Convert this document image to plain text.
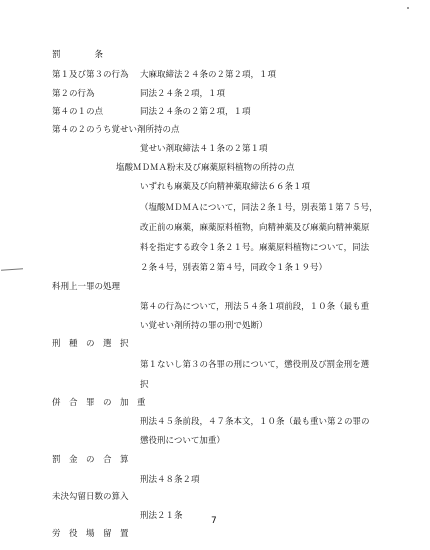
罰　　　　条
第１及び第３の行為 大麻取締法２４条の２第２項，１項
第２の行為	同法２４条２項，１項
第４の１の点	同法２４条の２第２項，１項
第４の２のうち覚せい剤所持の点
覚せい剤取締法４１条の２第１項
塩酸ＭＤＭＡ粉末及び麻薬原料植物の所持の点
いずれも麻薬及び向精神薬取締法６６条１項
（塩酸ＭＤＭＡについて，同法２条１号，別表第１第７５号，
改正前の麻薬，麻薬原料植物，向精神薬及び麻薬向精神薬原
料を指定する政令１条２１号。麻薬原料植物について，同法
２条４号，別表第２第４号，同政令１条１９号）
科刑上一罪の処理
第４の行為について，刑法５４条１項前段，１０条（最も重
い覚せい剤所持の罪の刑で処断）
刑　種　の　選　択
第１ないし第３の各罪の刑について，懲役刑及び罰金刑を選
択
併　合　罪　の　加　重
刑法４５条前段，４７条本文，１０条（最も重い第２の罪の
懲役刑について加重）
罰　金　の　合　算
刑法４８条２項
未決勾留日数の算入
刑法２１条
労　役　場　留　置
7
